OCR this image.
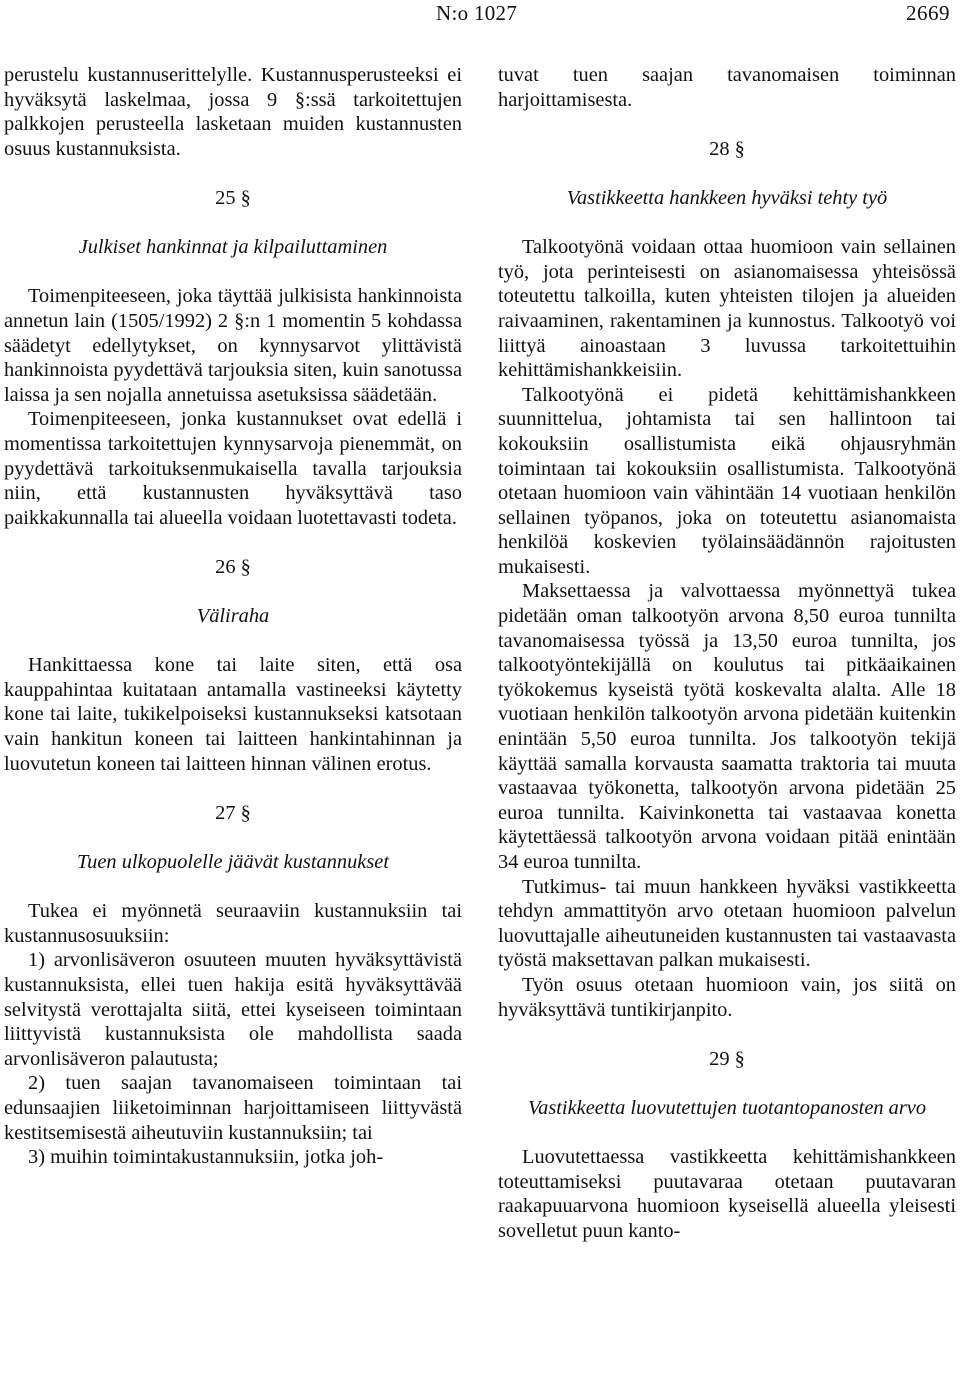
N:o 1027	2669

perustelu kustannuserittelylle. Kustannusperusteeksi ei hyväksytä laskelmaa, jossa 9 §:ssä tarkoitettujen palkkojen perusteella lasketaan muiden kustannusten osuus kustannuksista.

25 §

Julkiset hankinnat ja kilpailuttaminen

Toimenpiteeseen, joka täyttää julkisista hankinnoista annetun lain (1505/1992) 2 §:n 1 momentin 5 kohdassa säädetyt edellytykset, on kynnysarvot ylittävistä hankinnoista pyydettävä tarjouksia siten, kuin sanotussa laissa ja sen nojalla annetuissa asetuksissa säädetään.

Toimenpiteeseen, jonka kustannukset ovat edellä i momentissa tarkoitettujen kynnysarvoja pienemmät, on pyydettävä tarkoituksenmukaisella tavalla tarjouksia niin, että kustannusten hyväksyttävä taso paikkakunnalla tai alueella voidaan luotettavasti todeta.

26 §

Väliraha

Hankittaessa kone tai laite siten, että osa kauppahintaa kuitataan antamalla vastineeksi käytetty kone tai laite, tukikelpoiseksi kustannukseksi katsotaan vain hankitun koneen tai laitteen hankintahinnan ja luovutetun koneen tai laitteen hinnan välinen erotus.

27 §

Tuen ulkopuolelle jäävät kustannukset

Tukea ei myönnetä seuraaviin kustannuksiin tai kustannusosuuksiin:

1) arvonlisäveron osuuteen muuten hyväksyttävistä kustannuksista, ellei tuen hakija esitä hyväksyttävää selvitystä verottajalta siitä, ettei kyseiseen toimintaan liittyvistä kustannuksista ole mahdollista saada arvonlisäveron palautusta;

2) tuen saajan tavanomaiseen toimintaan tai edunsaajien liiketoiminnan harjoittamiseen liittyvästä kestitsemisestä aiheutuviin kustannuksiin; tai

3) muihin toimintakustannuksiin, jotka joh-

tuvat tuen saajan tavanomaisen toiminnan harjoittamisesta.

28 §

Vastikkeetta hankkeen hyväksi tehty työ

Talkootyönä voidaan ottaa huomioon vain sellainen työ, jota perinteisesti on asianomaisessa yhteisössä toteutettu talkoilla, kuten yhteisten tilojen ja alueiden raivaaminen, rakentaminen ja kunnostus. Talkootyö voi liittyä ainoastaan 3 luvussa tarkoitettuihin kehittämishankkeisiin.

Talkootyönä ei pidetä kehittämishankkeen suunnittelua, johtamista tai sen hallintoon tai kokouksiin osallistumista eikä ohjausryhmän toimintaan tai kokouksiin osallistumista. Talkootyönä otetaan huomioon vain vähintään 14 vuotiaan henkilön sellainen työpanos, joka on toteutettu asianomaista henkilöä koskevien työlainsäädännön rajoitusten mukaisesti.

Maksettaessa ja valvottaessa myönnettyä tukea pidetään oman talkootyön arvona 8,50 euroa tunnilta tavanomaisessa työssä ja 13,50 euroa tunnilta, jos talkootyöntekijällä on koulutus tai pitkäaikainen työkokemus kyseistä työtä koskevalta alalta. Alle 18 vuotiaan henkilön talkootyön arvona pidetään kuitenkin enintään 5,50 euroa tunnilta. Jos talkootyön tekijä käyttää samalla korvausta saamatta traktoria tai muuta vastaavaa työkonetta, talkootyön arvona pidetään 25 euroa tunnilta. Kaivinkonetta tai vastaavaa konetta käytettäessä talkootyön arvona voidaan pitää enintään 34 euroa tunnilta.

Tutkimus- tai muun hankkeen hyväksi vastikkeetta tehdyn ammattityön arvo otetaan huomioon palvelun luovuttajalle aiheutuneiden kustannusten tai vastaavasta työstä maksettavan palkan mukaisesti.

Työn osuus otetaan huomioon vain, jos siitä on hyväksyttävä tuntikirjanpito.

29 §

Vastikkeetta luovutettujen tuotantopanosten arvo

Luovutettaessa vastikkeetta kehittämishankkeen toteuttamiseksi puutavaraa otetaan puutavaran raakapuuarvona huomioon kyseisellä alueella yleisesti sovelletut puun kanto-
